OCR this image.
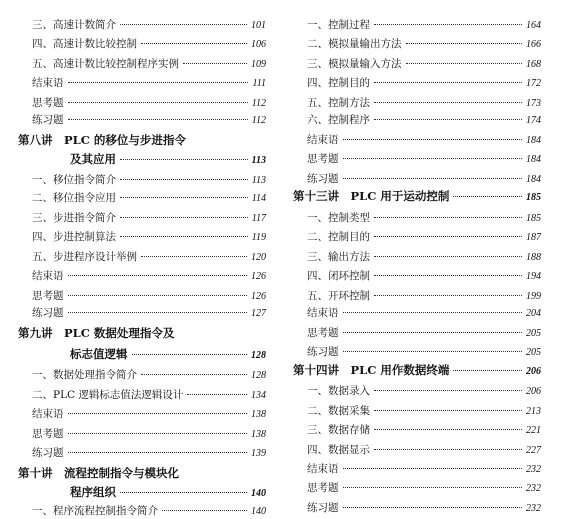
三、高速计数简介	101
四、高速计数比较控制	106
五、高速计数比较控制程序实例	109
结束语	111
思考题	112
练习题	112
第八讲　PLC 的移位与步进指令
及其应用	113
一、移位指令简介	113
二、移位指令应用	114
三、步进指令简介	117
四、步进控制算法	119
五、步进程序设计举例	120
结束语	126
思考题	126
练习题	127
第九讲　PLC 数据处理指令及
标志值逻辑	128
一、数据处理指令简介	128
二、PLC 逻辑标志值法逻辑设计	134
结束语	138
思考题	138
练习题	139
第十讲　流程控制指令与模块化
程序组织	140
一、程序流程控制指令简介	140
一、控制过程	164
二、模拟量输出方法	166
三、模拟量输入方法	168
四、控制目的	172
五、控制方法	173
六、控制程序	174
结束语	184
思考题	184
练习题	184
第十三讲　PLC 用于运动控制	185
一、控制类型	185
二、控制目的	187
三、输出方法	188
四、闭环控制	194
五、开环控制	199
结束语	204
思考题	205
练习题	205
第十四讲　PLC 用作数据终端	206
一、数据录入	206
二、数据采集	213
三、数据存储	221
四、数据显示	227
结束语	232
思考题	232
练习题	232
